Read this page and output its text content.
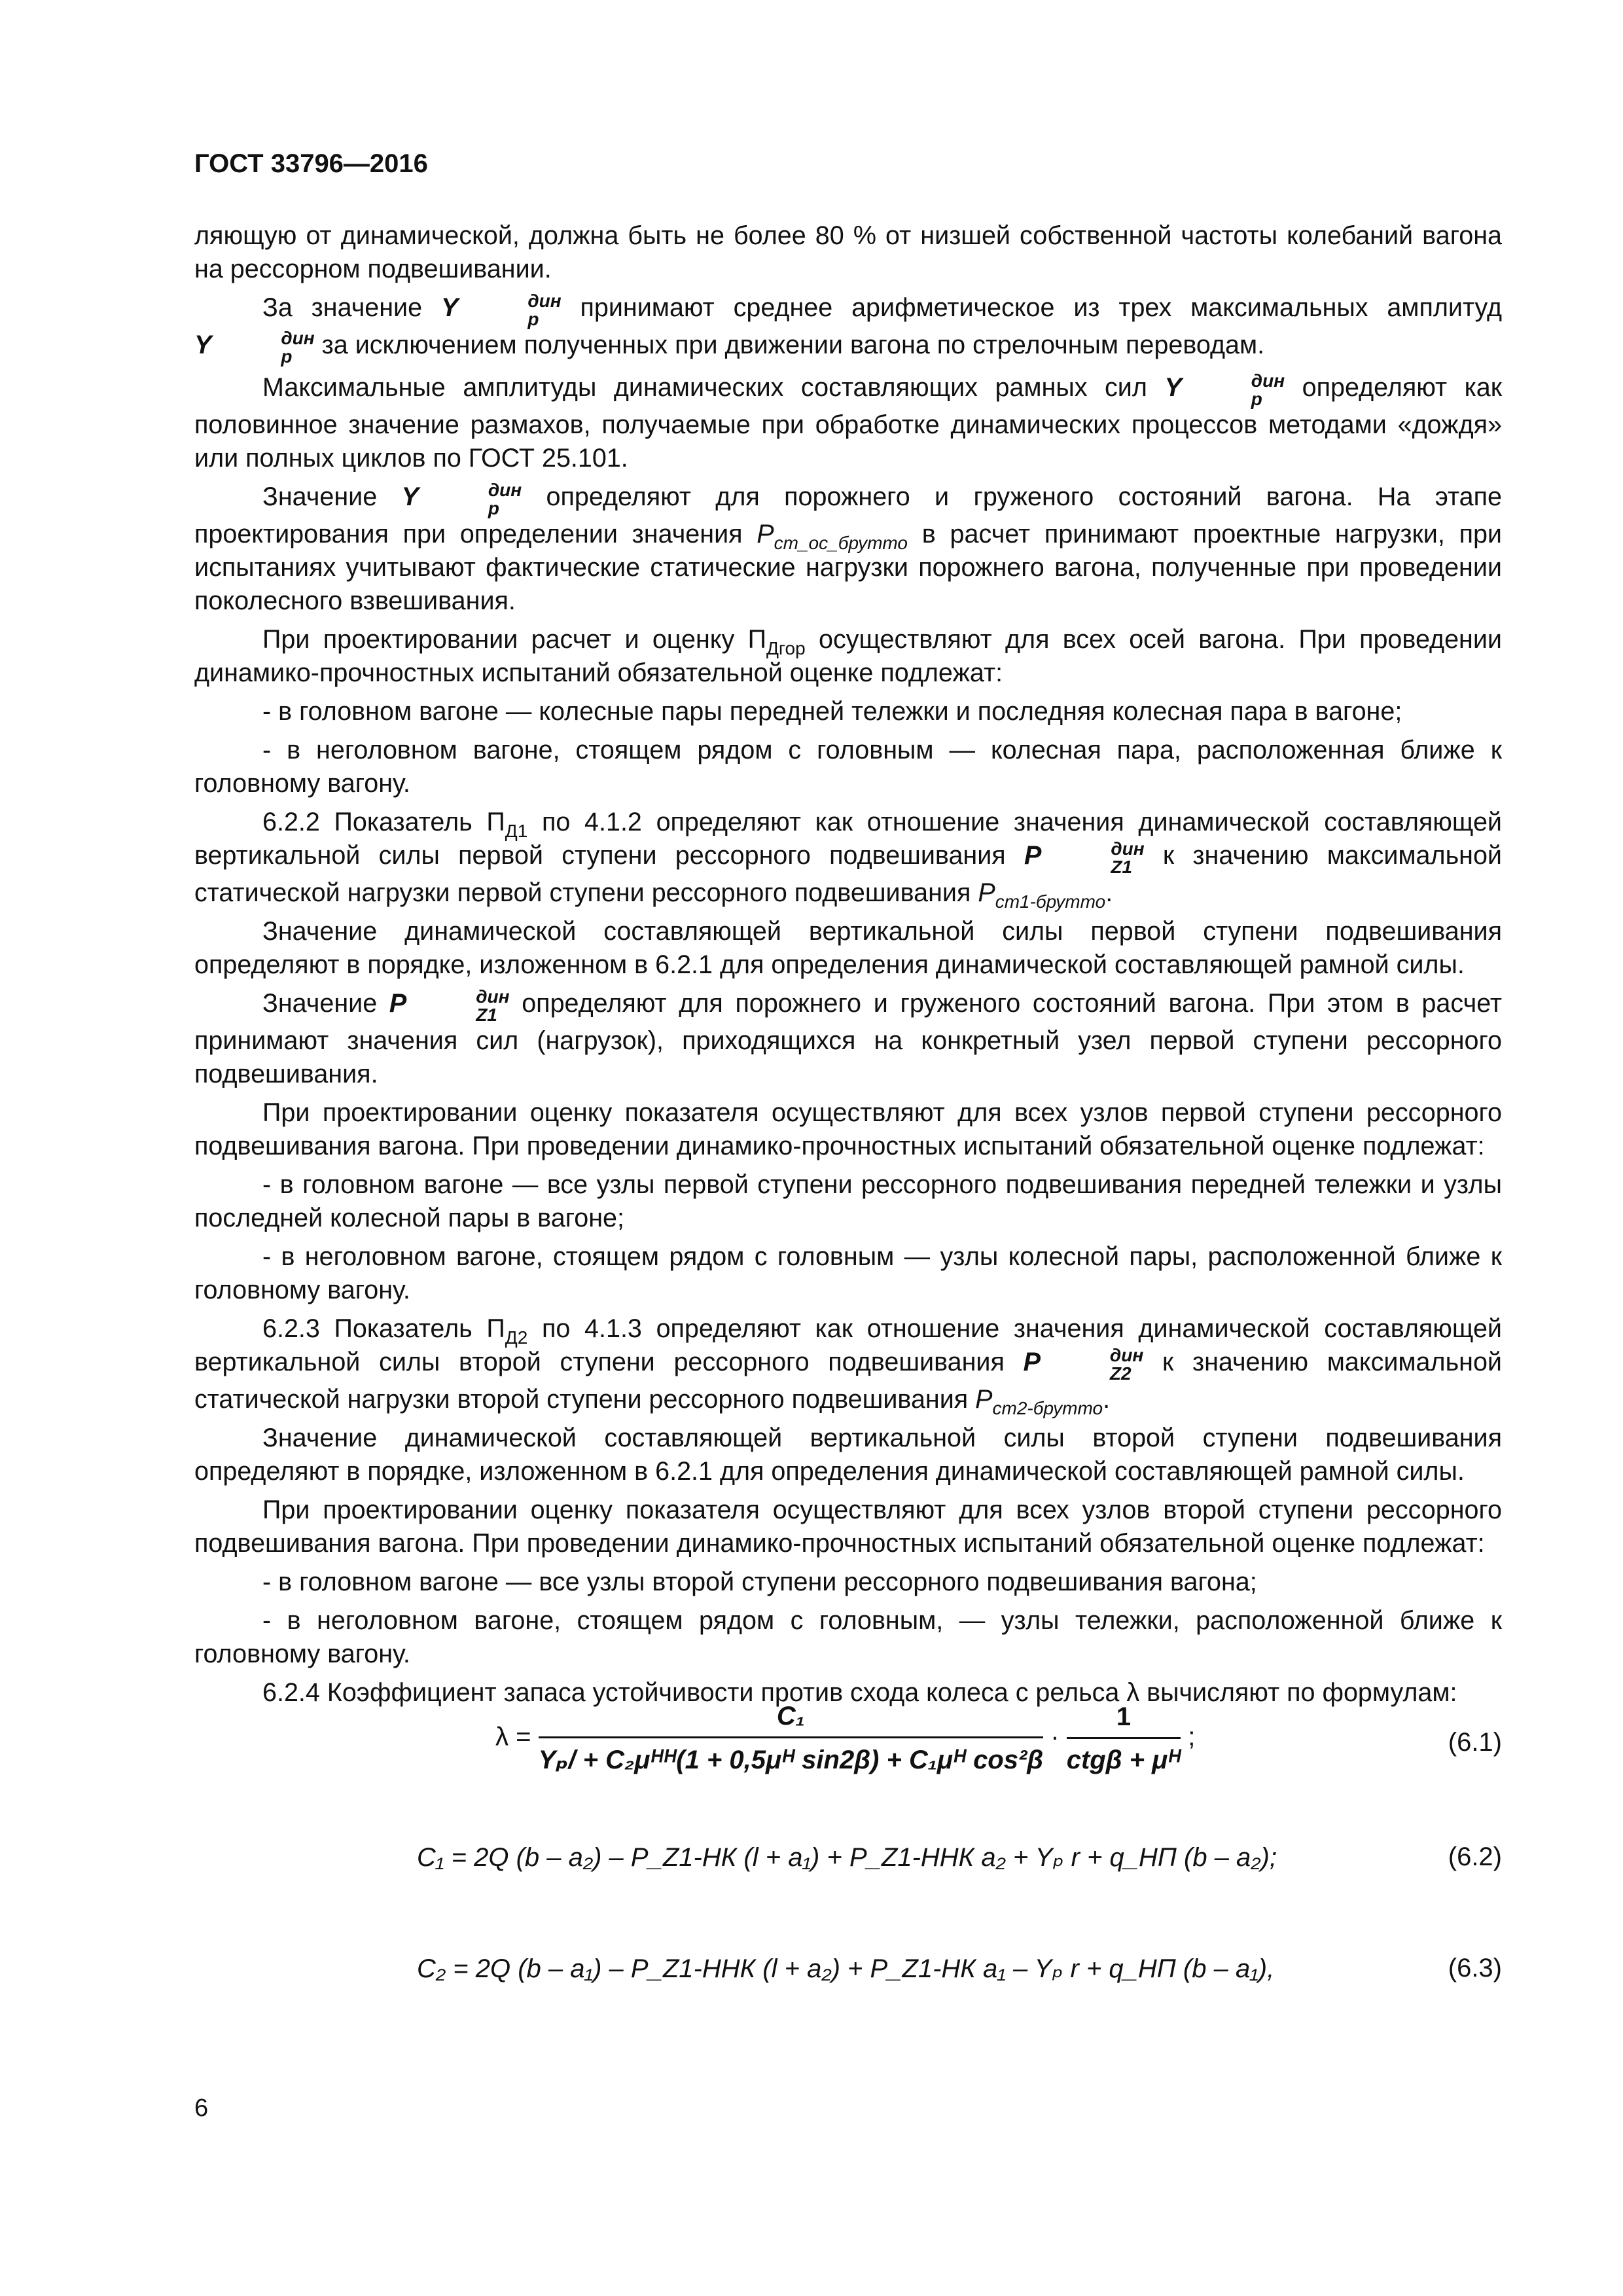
ГОСТ 33796—2016

ляющую от динамической, должна быть не более 80 % от низшей собственной частоты колебаний вагона на рессорном подвешивании.

За значение Y	дин
р принимают среднее арифметическое из трех максимальных амплитуд Y	дин
р за исключением полученных при движении вагона по стрелочным переводам.

Максимальные амплитуды динамических составляющих рамных сил Y	дин
р определяют как половинное значение размахов, получаемые при обработке динамических процессов методами «дождя» или полных циклов по ГОСТ 25.101.

Значение Y	дин
р определяют для порожнего и груженого состояний вагона. На этапе проектирования при определении значения $P_{ст\_ос\_брутто}$ в расчет принимают проектные нагрузки, при испытаниях учитывают фактические статические нагрузки порожнего вагона, полученные при проведении поколесного взвешивания.

При проектировании расчет и оценку $П_{Дгор}$ осуществляют для всех осей вагона. При проведении динамико-прочностных испытаний обязательной оценке подлежат:

- в головном вагоне — колесные пары передней тележки и последняя колесная пара в вагоне;

- в неголовном вагоне, стоящем рядом с головным — колесная пара, расположенная ближе к головному вагону.

6.2.2 Показатель $П_{Д1}$ по 4.1.2 определяют как отношение значения динамической составляющей вертикальной силы первой ступени рессорного подвешивания P	дин
Z1 к значению максимальной статической нагрузки первой ступени рессорного подвешивания $P_{ст1-брутто}$.

Значение динамической составляющей вертикальной силы первой ступени подвешивания определяют в порядке, изложенном в 6.2.1 для определения динамической составляющей рамной силы.

Значение P	дин
Z1 определяют для порожнего и груженого состояний вагона. При этом в расчет принимают значения сил (нагрузок), приходящихся на конкретный узел первой ступени рессорного подвешивания.

При проектировании оценку показателя осуществляют для всех узлов первой ступени рессорного подвешивания вагона. При проведении динамико-прочностных испытаний обязательной оценке подлежат:

- в головном вагоне — все узлы первой ступени рессорного подвешивания передней тележки и узлы последней колесной пары в вагоне;

- в неголовном вагоне, стоящем рядом с головным — узлы колесной пары, расположенной ближе к головному вагону.

6.2.3 Показатель $П_{Д2}$ по 4.1.3 определяют как отношение значения динамической составляющей вертикальной силы второй ступени рессорного подвешивания P	дин
Z2 к значению максимальной статической нагрузки второй ступени рессорного подвешивания $P_{ст2-брутто}$.

Значение динамической составляющей вертикальной силы второй ступени подвешивания определяют в порядке, изложенном в 6.2.1 для определения динамической составляющей рамной силы.

При проектировании оценку показателя осуществляют для всех узлов второй ступени рессорного подвешивания вагона. При проведении динамико-прочностных испытаний обязательной оценке подлежат:

- в головном вагоне — все узлы второй ступени рессорного подвешивания вагона;

- в неголовном вагоне, стоящем рядом с головным, — узлы тележки, расположенной ближе к головному вагону.

6.2.4 Коэффициент запаса устойчивости против схода колеса с рельса λ вычисляют по формулам:

$\lambda = \frac{\text{C₁}}{\text{Yₚ/ + C₂μᴴᴴ(1 + 0,5μᴴ sin2β) + C₁μᴴ cos²β}} \cdot \frac{1}{\text{ctgβ + μᴴ}}$ ;	(6.1)
C₁ = 2Q (b – a₂) – P_Z1-НК (l + a₁) + P_Z1-ННК a₂ + Yₚ r + q_НП (b – a₂);	(6.2)
C₂ = 2Q (b – a₁) – P_Z1-ННК (l + a₂) + P_Z1-НК a₁ – Yₚ r + q_НП (b – a₁),	(6.3)
6
